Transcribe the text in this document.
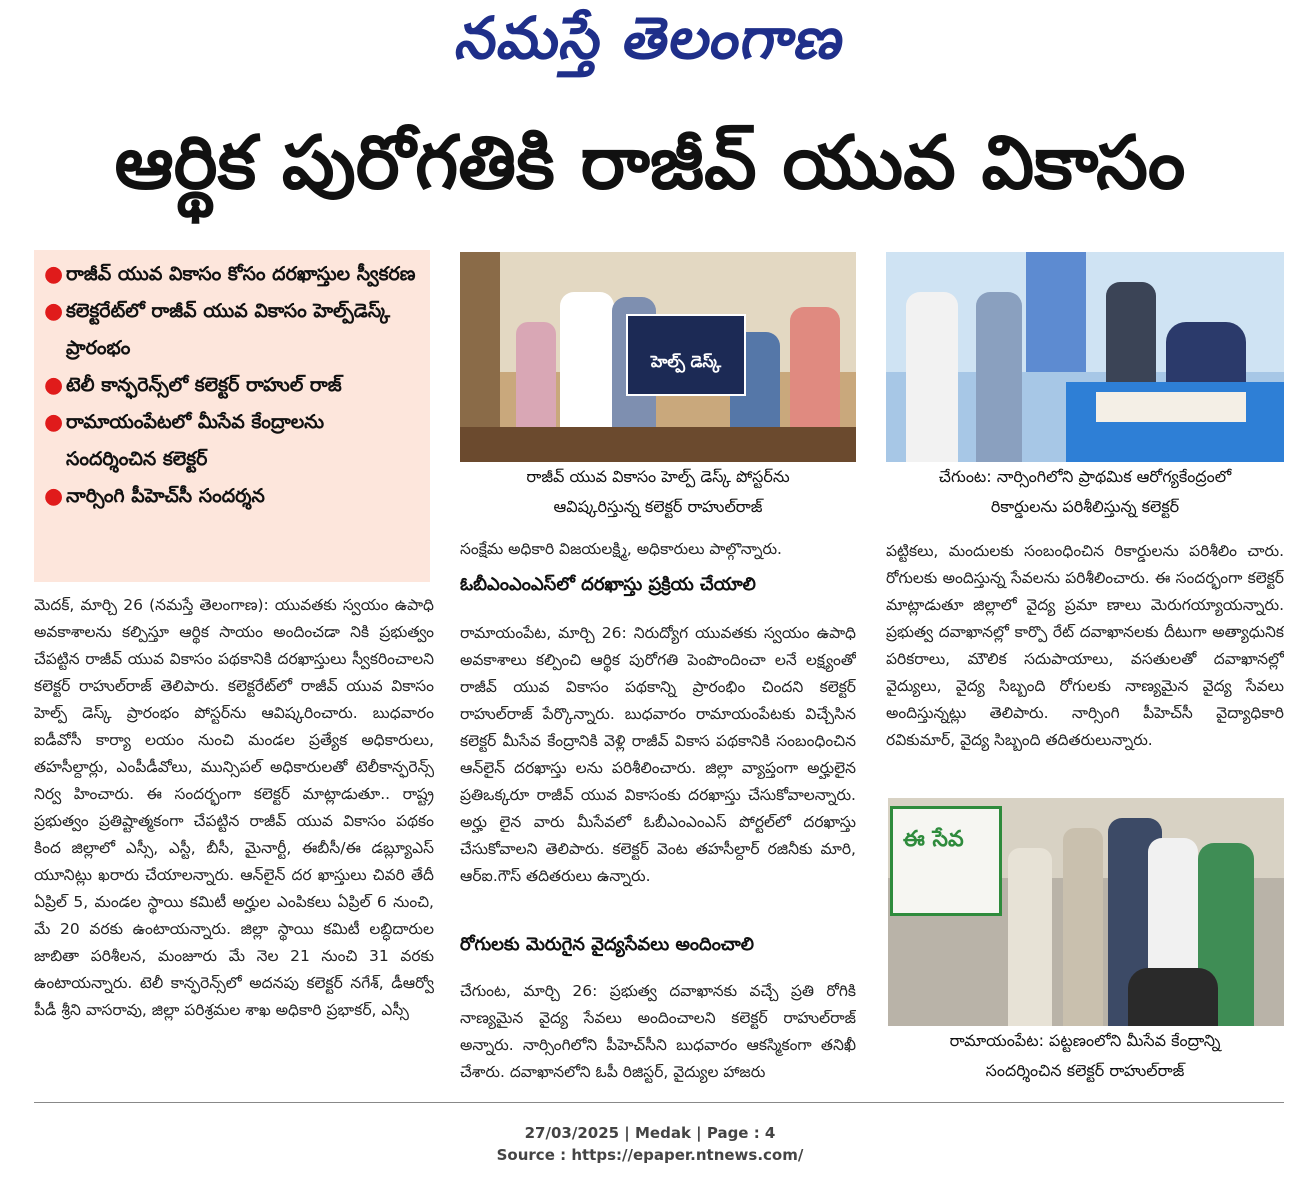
నమస్తే తెలంగాణ
ఆర్థిక పురోగతికి రాజీవ్ యువ వికాసం
● రాజీవ్ యువ వికాసం కోసం దరఖాస్తుల స్వీకరణ
● కలెక్టరేట్‌లో రాజీవ్ యువ వికాసం హెల్ప్‌డెస్క్ ప్రారంభం
● టెలీ కాన్ఫరెన్స్‌లో కలెక్టర్ రాహుల్ రాజ్
● రామాయంపేటలో మీసేవ కేంద్రాలను సందర్శించిన కలెక్టర్
● నార్సింగి పీహెచ్‌సీ సందర్శన

మెదక్, మార్చి 26 (నమస్తే తెలంగాణ): యువతకు స్వయం ఉపాధి అవకాశాలను కల్పిస్తూ ఆర్థిక సాయం అందించడా నికి ప్రభుత్వం చేపట్టిన రాజీవ్ యువ వికాసం పథకానికి దరఖాస్తులు స్వీకరించాలని కలెక్టర్ రాహుల్‌రాజ్ తెలిపారు. కలెక్టరేట్‌లో రాజీవ్ యువ వికాసం హెల్ప్ డెస్క్ ప్రారంభం పోస్టర్‌ను ఆవిష్కరించారు. బుధవారం ఐడీవోసీ కార్యా లయం నుంచి మండల ప్రత్యేక అధికారులు, తహసీల్దార్లు, ఎంపీడీవోలు, మున్సిపల్ అధికారులతో టెలీకాన్ఫరెన్స్ నిర్వ హించారు. ఈ సందర్భంగా కలెక్టర్ మాట్లాడుతూ.. రాష్ట్ర ప్రభుత్వం ప్రతిష్టాత్మకంగా చేపట్టిన రాజీవ్ యువ వికాసం పథకం కింద జిల్లాలో ఎస్సీ, ఎస్టీ, బీసీ, మైనార్టీ, ఈబీసీ/ఈ డబ్ల్యూఎస్ యూనిట్లు ఖరారు చేయాలన్నారు. ఆన్‌లైన్ దర ఖాస్తులు చివరి తేదీ ఏప్రిల్ 5, మండల స్థాయి కమిటీ అర్హుల ఎంపికలు ఏప్రిల్ 6 నుంచి, మే 20 వరకు ఉంటాయన్నారు. జిల్లా స్థాయి కమిటీ లబ్ధిదారుల జాబితా పరిశీలన, మంజూరు మే నెల 21 నుంచి 31 వరకు ఉంటాయన్నారు. టెలీ కాన్ఫరెన్స్‌లో అదనపు కలెక్టర్ నగేశ్, డీఆర్వో పీడీ శ్రీని వాసరావు, జిల్లా పరిశ్రమల శాఖ అధికారి ప్రభాకర్, ఎస్సీ

హెల్ప్ డెస్క్
రాజీవ్ యువ వికాసం హెల్ప్ డెస్క్ పోస్టర్‌ను
ఆవిష్కరిస్తున్న కలెక్టర్ రాహుల్‌రాజ్
చేగుంట: నార్సింగిలోని ప్రాథమిక ఆరోగ్యకేంద్రంలో
రికార్డులను పరిశీలిస్తున్న కలెక్టర్

సంక్షేమ అధికారి విజయలక్ష్మి, అధికారులు పాల్గొన్నారు.

ఓబీఎంఎంఎస్‌లో దరఖాస్తు ప్రక్రియ చేయాలి

రామాయంపేట, మార్చి 26: నిరుద్యోగ యువతకు స్వయం ఉపాధి అవకాశాలు కల్పించి ఆర్థిక పురోగతి పెంపొందించా లనే లక్ష్యంతో రాజీవ్ యువ వికాసం పథకాన్ని ప్రారంభిం చిందని కలెక్టర్ రాహుల్‌రాజ్ పేర్కొన్నారు. బుధవారం రామాయంపేటకు విచ్చేసిన కలెక్టర్ మీసేవ కేంద్రానికి వెళ్లి రాజీవ్ వికాస పథకానికి సంబంధించిన ఆన్‌లైన్ దరఖాస్తు లను పరిశీలించారు. జిల్లా వ్యాప్తంగా అర్హులైన ప్రతిఒక్కరూ రాజీవ్ యువ వికాసంకు దరఖాస్తు చేసుకోవాలన్నారు. అర్హు లైన వారు మీసేవలో ఓబీఎంఎంఎస్ పోర్టల్‌లో దరఖాస్తు చేసుకోవాలని తెలిపారు. కలెక్టర్ వెంట తహసీల్దార్ రజినీకు మారి, ఆర్‌ఐ.గౌస్ తదితరులు ఉన్నారు.

రోగులకు మెరుగైన వైద్యసేవలు అందించాలి

చేగుంట, మార్చి 26: ప్రభుత్వ దవాఖానకు వచ్చే ప్రతి రోగికి నాణ్యమైన వైద్య సేవలు అందించాలని కలెక్టర్ రాహుల్‌రాజ్ అన్నారు. నార్సింగిలోని పీహెచ్‌సీని బుధవారం ఆకస్మికంగా తనిఖీ చేశారు. దవాఖానలోని ఓపీ రిజిస్టర్, వైద్యుల హాజరు

పట్టికలు, మందులకు సంబంధించిన రికార్డులను పరిశీలిం చారు. రోగులకు అందిస్తున్న సేవలను పరిశీలించారు. ఈ సందర్భంగా కలెక్టర్ మాట్లాడుతూ జిల్లాలో వైద్య ప్రమా ణాలు మెరుగయ్యాయన్నారు. ప్రభుత్వ దవాఖానల్లో కార్పొ రేట్ దవాఖానలకు దీటుగా అత్యాధునిక పరికరాలు, మౌలిక సదుపాయాలు, వసతులతో దవాఖానల్లో వైద్యులు, వైద్య సిబ్బంది రోగులకు నాణ్యమైన వైద్య సేవలు అందిస్తున్నట్లు తెలిపారు. నార్సింగి పీహెచ్‌సీ వైద్యాధికారి రవికుమార్, వైద్య సిబ్బంది తదితరులున్నారు.

ఈ సేవ
రామాయంపేట: పట్టణంలోని మీసేవ కేంద్రాన్ని
సందర్శించిన కలెక్టర్ రాహుల్‌రాజ్
27/03/2025 | Medak | Page : 4
Source : https://epaper.ntnews.com/
